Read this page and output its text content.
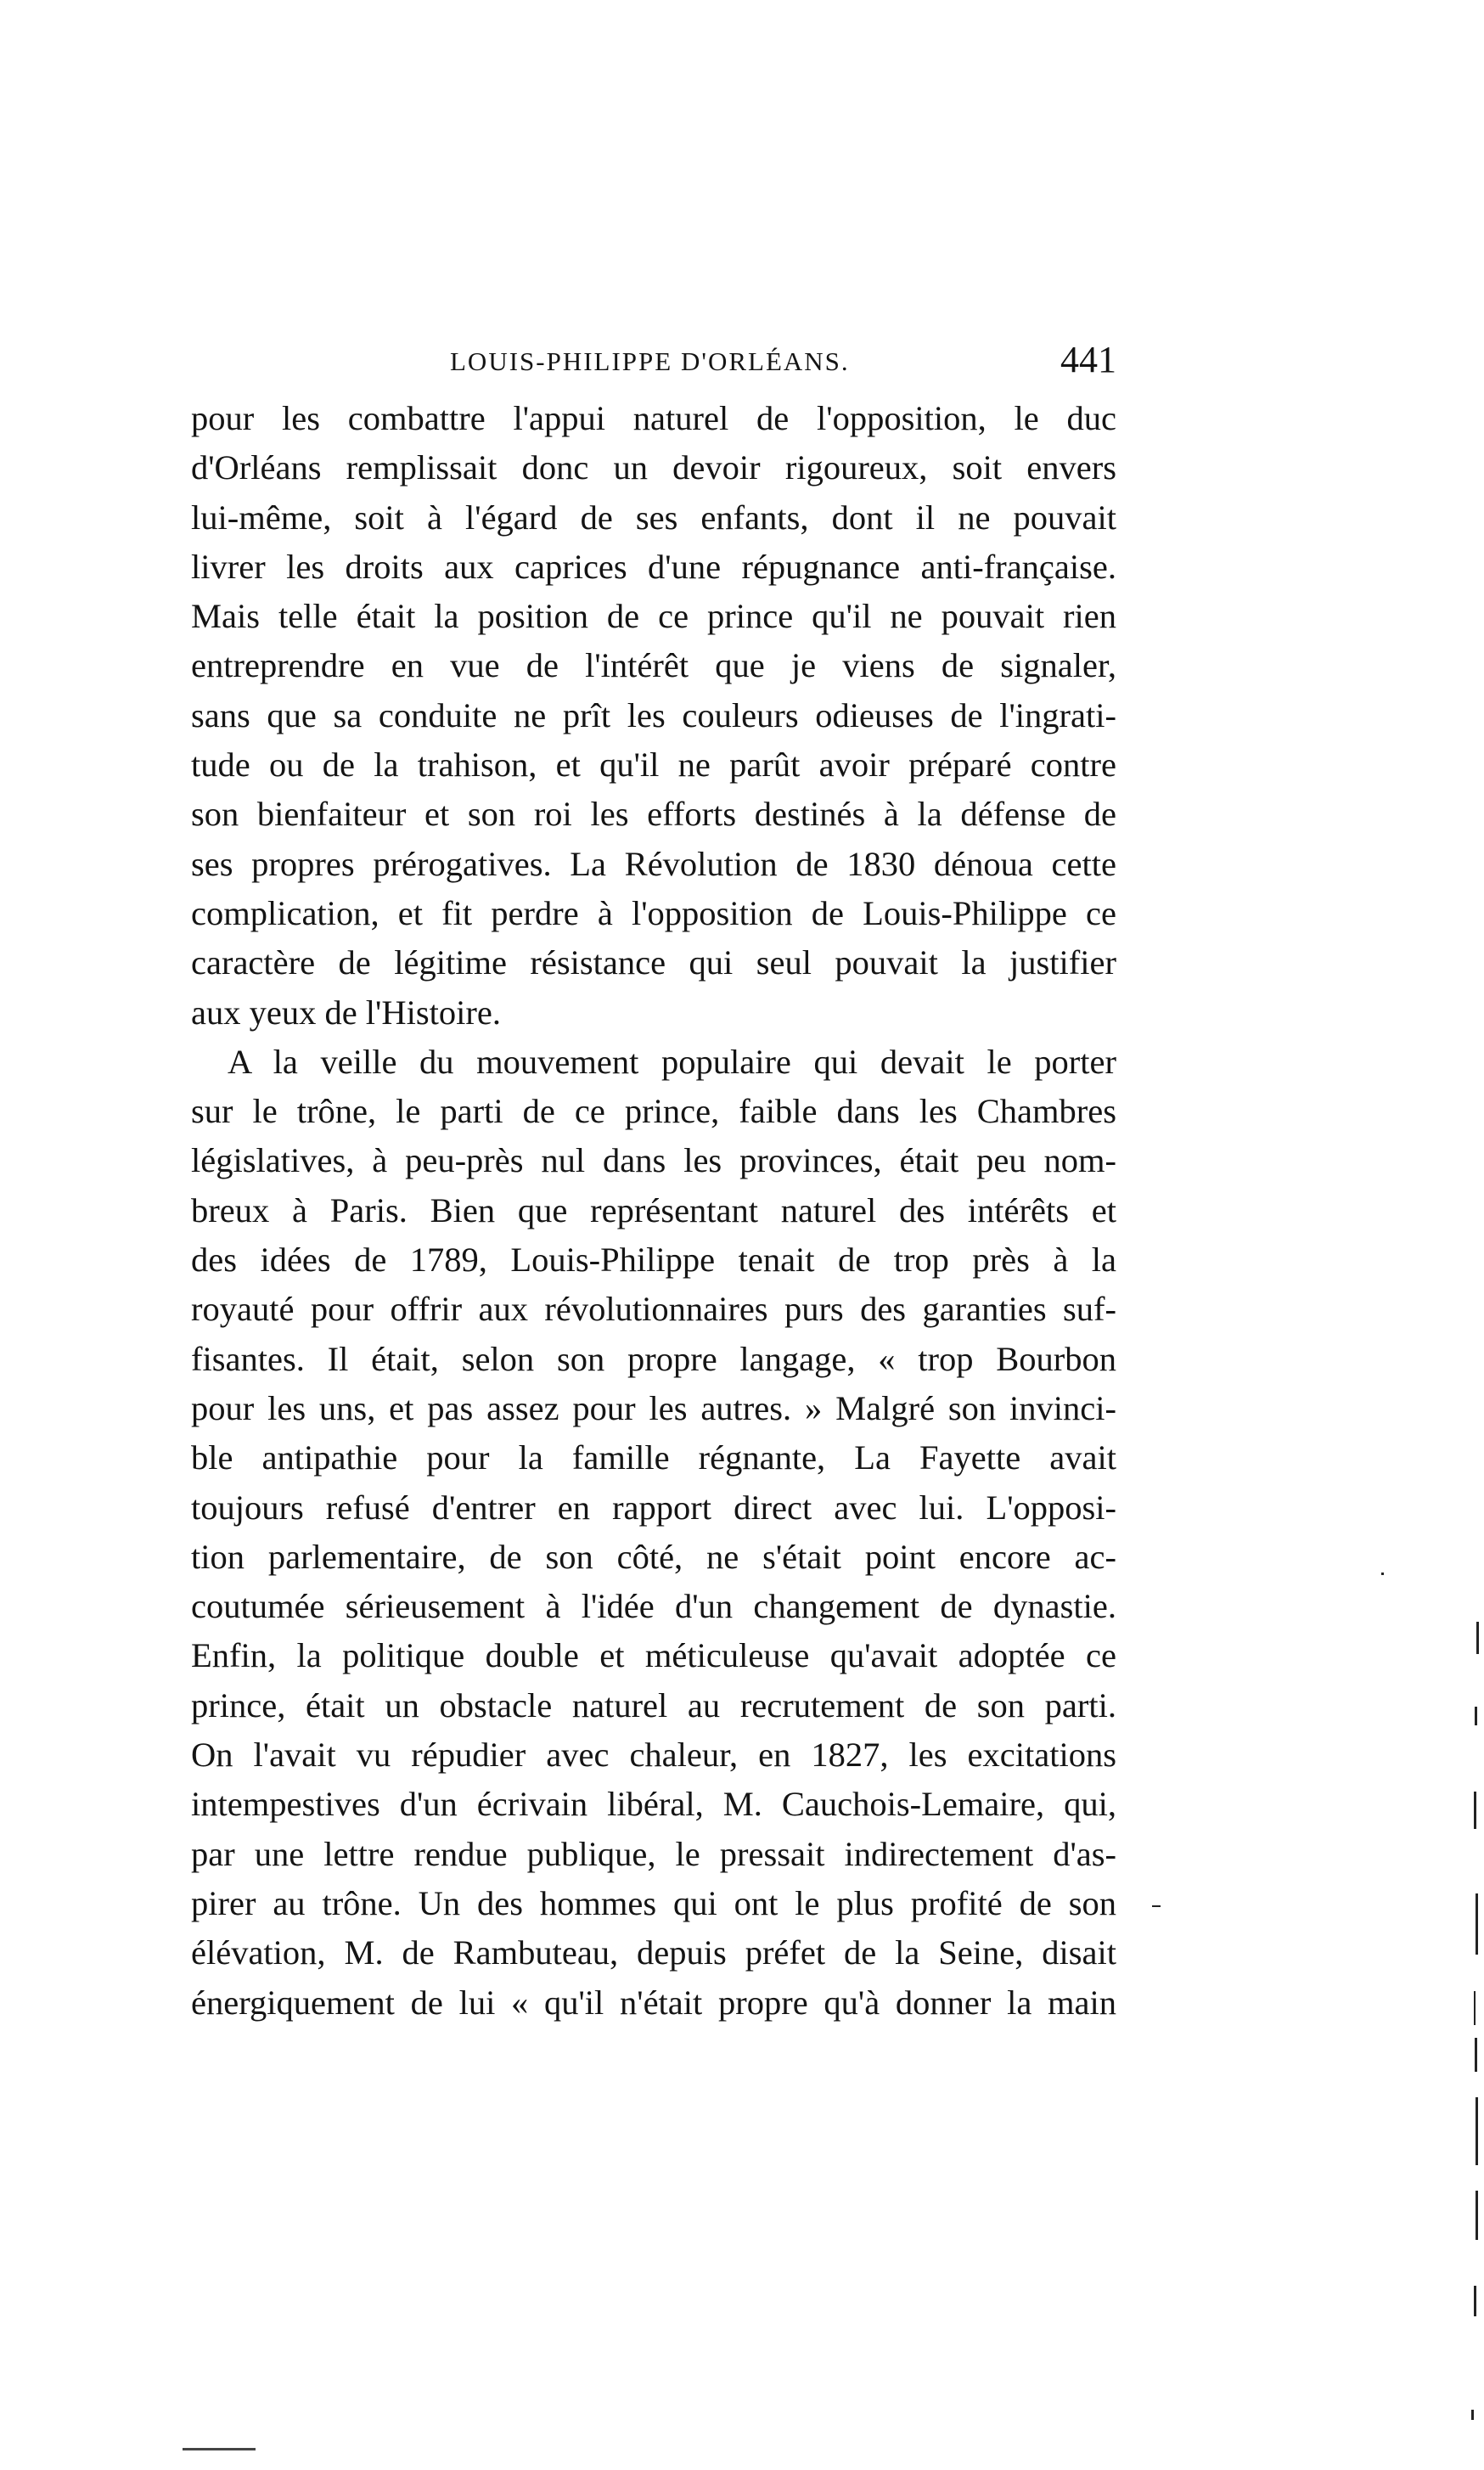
LOUIS-PHILIPPE D'ORLÉANS.	441
pour les combattre l'appui naturel de l'opposition, le duc
d'Orléans remplissait donc un devoir rigoureux, soit envers
lui-même, soit à l'égard de ses enfants, dont il ne pouvait
livrer les droits aux caprices d'une répugnance anti-française.
Mais telle était la position de ce prince qu'il ne pouvait rien
entreprendre en vue de l'intérêt que je viens de signaler,
sans que sa conduite ne prît les couleurs odieuses de l'ingrati-
tude ou de la trahison, et qu'il ne parût avoir préparé contre
son bienfaiteur et son roi les efforts destinés à la défense de
ses propres prérogatives. La Révolution de 1830 dénoua cette
complication, et fit perdre à l'opposition de Louis-Philippe ce
caractère de légitime résistance qui seul pouvait la justifier
aux yeux de l'Histoire.
A la veille du mouvement populaire qui devait le porter
sur le trône, le parti de ce prince, faible dans les Chambres
législatives, à peu-près nul dans les provinces, était peu nom-
breux à Paris. Bien que représentant naturel des intérêts et
des idées de 1789, Louis-Philippe tenait de trop près à la
royauté pour offrir aux révolutionnaires purs des garanties suf-
fisantes. Il était, selon son propre langage, « trop Bourbon
pour les uns, et pas assez pour les autres. » Malgré son invinci-
ble antipathie pour la famille régnante, La Fayette avait
toujours refusé d'entrer en rapport direct avec lui. L'opposi-
tion parlementaire, de son côté, ne s'était point encore ac-
coutumée sérieusement à l'idée d'un changement de dynastie.
Enfin, la politique double et méticuleuse qu'avait adoptée ce
prince, était un obstacle naturel au recrutement de son parti.
On l'avait vu répudier avec chaleur, en 1827, les excitations
intempestives d'un écrivain libéral, M. Cauchois-Lemaire, qui,
par une lettre rendue publique, le pressait indirectement d'as-
pirer au trône. Un des hommes qui ont le plus profité de son
élévation, M. de Rambuteau, depuis préfet de la Seine, disait
énergiquement de lui « qu'il n'était propre qu'à donner la main
